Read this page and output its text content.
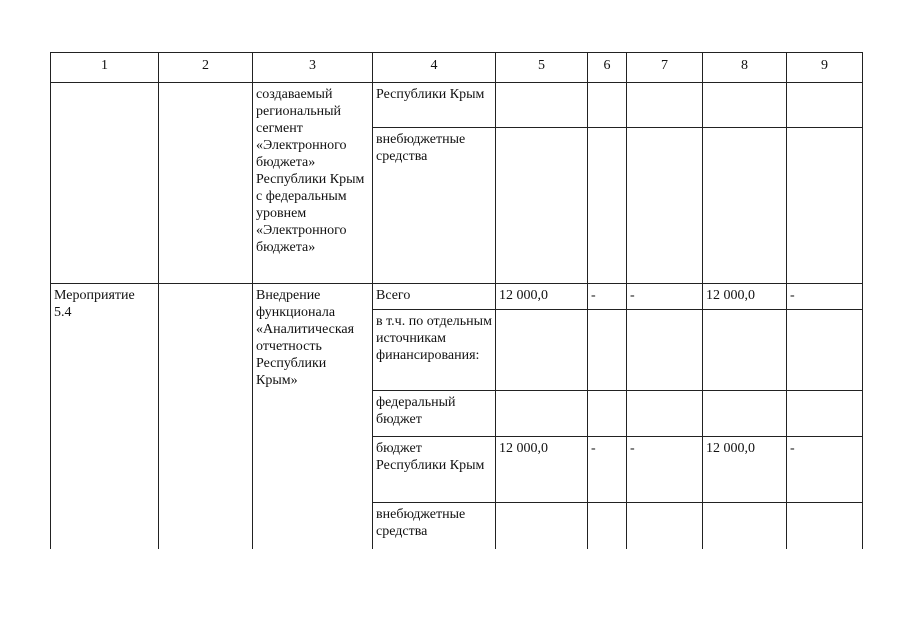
1	2	3	4	5	6	7	8	9
		создаваемый региональный сегмент «Электронного бюджета» Республики Крым с федеральным уровнем «Электронного бюджета»	Республики Крым					
			внебюджетные средства					
Мероприятие 5.4		Внедрение функционала «Аналитическая отчетность Республики Крым»	Всего	12 000,0	-	-	12 000,0	-
			в т.ч. по отдельным источникам финансирования:					
			федеральный бюджет					
			бюджет Республики Крым	12 000,0	-	-	12 000,0	-
			внебюджетные средства					
